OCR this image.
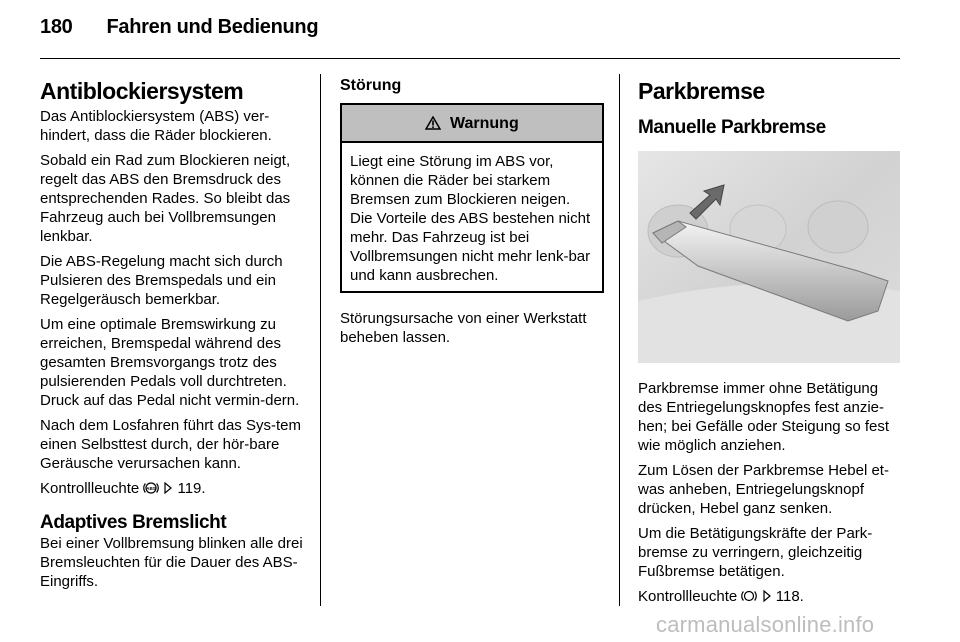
180 Fahren und Bedienung
Antiblockiersystem

Das Antiblockiersystem (ABS) ver-hindert, dass die Räder blockieren.

Sobald ein Rad zum Blockieren neigt, regelt das ABS den Bremsdruck des entsprechenden Rades. So bleibt das Fahrzeug auch bei Vollbremsungen lenkbar.

Die ABS-Regelung macht sich durch Pulsieren des Bremspedals und ein Regelgeräusch bemerkbar.

Um eine optimale Bremswirkung zu erreichen, Bremspedal während des gesamten Bremsvorgangs trotz des pulsierenden Pedals voll durchtreten. Druck auf das Pedal nicht vermin-dern.

Nach dem Losfahren führt das Sys-tem einen Selbsttest durch, der hör-bare Geräusche verursachen kann.

Kontrollleuchte ABS 119.

Adaptives Bremslicht

Bei einer Vollbremsung blinken alle drei Bremsleuchten für die Dauer des ABS-Eingriffs.

Störung
Warnung

Liegt eine Störung im ABS vor, können die Räder bei starkem Bremsen zum Blockieren neigen. Die Vorteile des ABS bestehen nicht mehr. Das Fahrzeug ist bei Vollbremsungen nicht mehr lenk-bar und kann ausbrechen.

Störungsursache von einer Werkstatt beheben lassen.

Parkbremse
Manuelle Parkbremse

Parkbremse immer ohne Betätigung des Entriegelungsknopfes fest anzie-hen; bei Gefälle oder Steigung so fest wie möglich anziehen.

Zum Lösen der Parkbremse Hebel et-was anheben, Entriegelungsknopf drücken, Hebel ganz senken.

Um die Betätigungskräfte der Park-bremse zu verringern, gleichzeitig Fußbremse betätigen.

Kontrollleuchte	118.

carmanualsonline.info
